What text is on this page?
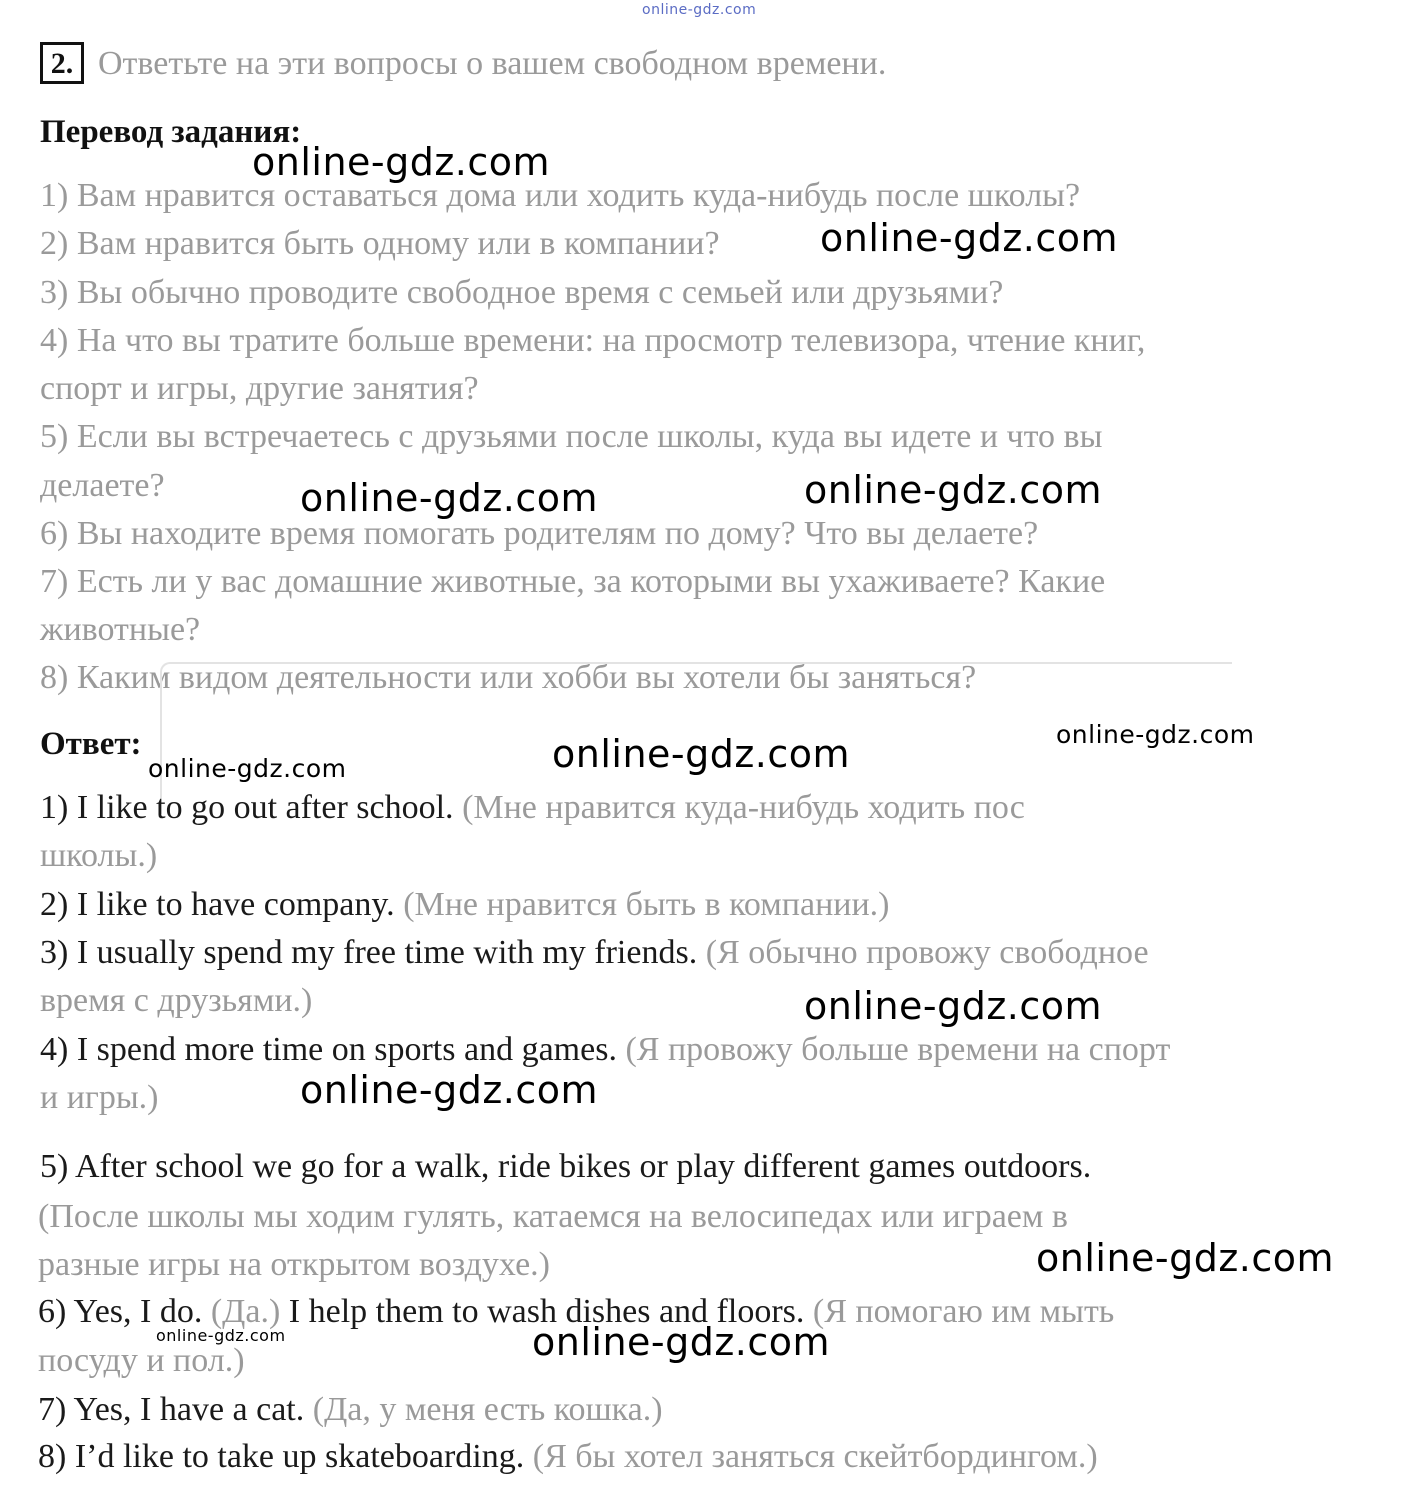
online-gdz.com
2. Ответьте на эти вопросы о вашем свободном времени.
Перевод задания:
1) Вам нравится оставаться дома или ходить куда-нибудь после школы?
2) Вам нравится быть одному или в компании?
3) Вы обычно проводите свободное время с семьей или друзьями?
4) На что вы тратите больше времени: на просмотр телевизора, чтение книг,
спорт и игры, другие занятия?
5) Если вы встречаетесь с друзьями после школы, куда вы идете и что вы
делаете?
6) Вы находите время помогать родителям по дому? Что вы делаете?
7) Есть ли у вас домашние животные, за которыми вы ухаживаете? Какие
животные?
8) Каким видом деятельности или хобби вы хотели бы заняться?
Ответ:
1) I like to go out after school. (Мне нравится куда-нибудь ходить пос
школы.)
2) I like to have company. (Мне нравится быть в компании.)
3) I usually spend my free time with my friends. (Я обычно провожу свободное
время с друзьями.)
4) I spend more time on sports and games. (Я провожу больше времени на спорт
и игры.)
5) After school we go for a walk, ride bikes or play different games outdoors.
(После школы мы ходим гулять, катаемся на велосипедах или играем в
разные игры на открытом воздухе.)
6) Yes, I do. (Да.) I help them to wash dishes and floors. (Я помогаю им мыть
посуду и пол.)
7) Yes, I have a cat. (Да, у меня есть кошка.)
8) I’d like to take up skateboarding. (Я бы хотел заняться скейтбордингом.)
online-gdz.com
online-gdz.com
online-gdz.com	online-gdz.com
online-gdz.com	online-gdz.com
online-gdz.com
online-gdz.com
online-gdz.com
online-gdz.com
online-gdz.com	online-gdz.com
